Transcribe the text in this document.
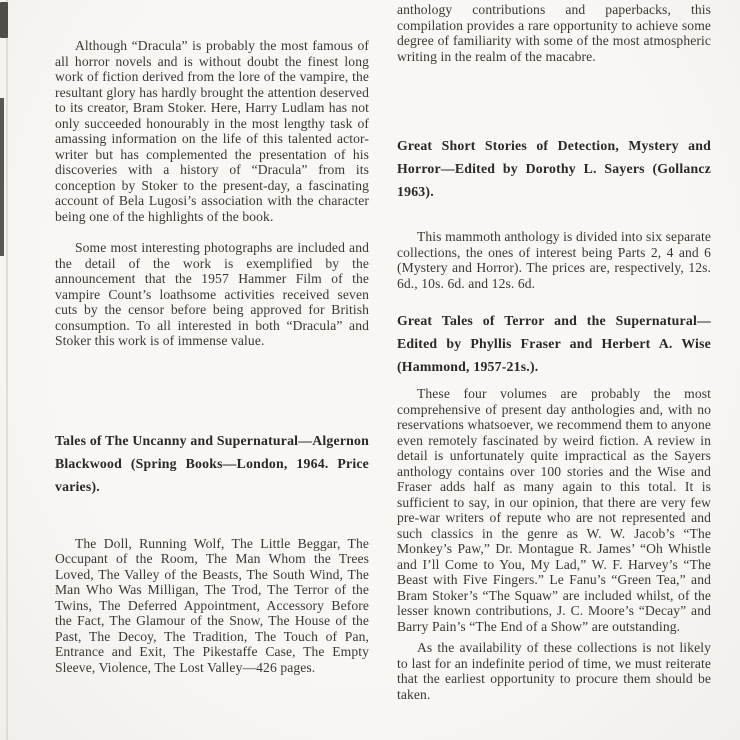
Although “Dracula” is probably the most famous of all horror novels and is without doubt the finest long work of fiction derived from the lore of the vampire, the resultant glory has hardly brought the attention deserved to its creator, Bram Stoker. Here, Harry Ludlam has not only succeeded honourably in the most lengthy task of amassing information on the life of this talented actor-writer but has complemented the presentation of his discoveries with a history of “Dracula” from its conception by Stoker to the present-day, a fascinating account of Bela Lugosi’s association with the character being one of the highlights of the book.

Some most interesting photographs are included and the detail of the work is exemplified by the announcement that the 1957 Hammer Film of the vampire Count’s loathsome activities received seven cuts by the censor before being approved for British consumption. To all interested in both “Dracula” and Stoker this work is of immense value.

Tales of The Uncanny and Supernatural—Algernon Blackwood (Spring Books—London, 1964. Price varies).

The Doll, Running Wolf, The Little Beggar, The Occupant of the Room, The Man Whom the Trees Loved, The Valley of the Beasts, The South Wind, The Man Who Was Milligan, The Trod, The Terror of the Twins, The Deferred Appointment, Accessory Before the Fact, The Glamour of the Snow, The House of the Past, The Decoy, The Tradition, The Touch of Pan, Entrance and Exit, The Pikestaffe Case, The Empty Sleeve, Violence, The Lost Valley—426 pages.

anthology contributions and paperbacks, this compilation provides a rare opportunity to achieve some degree of familiarity with some of the most atmospheric writing in the realm of the macabre.

Great Short Stories of Detection, Mystery and Horror—Edited by Dorothy L. Sayers (Gollancz 1963).

This mammoth anthology is divided into six separate collections, the ones of interest being Parts 2, 4 and 6 (Mystery and Horror). The prices are, respectively, 12s. 6d., 10s. 6d. and 12s. 6d.

Great Tales of Terror and the Supernatural—Edited by Phyllis Fraser and Herbert A. Wise (Hammond, 1957-21s.).

These four volumes are probably the most comprehensive of present day anthologies and, with no reservations whatsoever, we recommend them to anyone even remotely fascinated by weird fiction. A review in detail is unfortunately quite impractical as the Sayers anthology contains over 100 stories and the Wise and Fraser adds half as many again to this total. It is sufficient to say, in our opinion, that there are very few pre-war writers of repute who are not represented and such classics in the genre as W. W. Jacob’s “The Monkey’s Paw,” Dr. Montague R. James’ “Oh Whistle and I’ll Come to You, My Lad,” W. F. Harvey’s “The Beast with Five Fingers.” Le Fanu’s “Green Tea,” and Bram Stoker’s “The Squaw” are included whilst, of the lesser known contributions, J. C. Moore’s “Decay” and Barry Pain’s “The End of a Show” are outstanding.

As the availability of these collections is not likely to last for an indefinite period of time, we must reiterate that the earliest opportunity to procure them should be taken.
